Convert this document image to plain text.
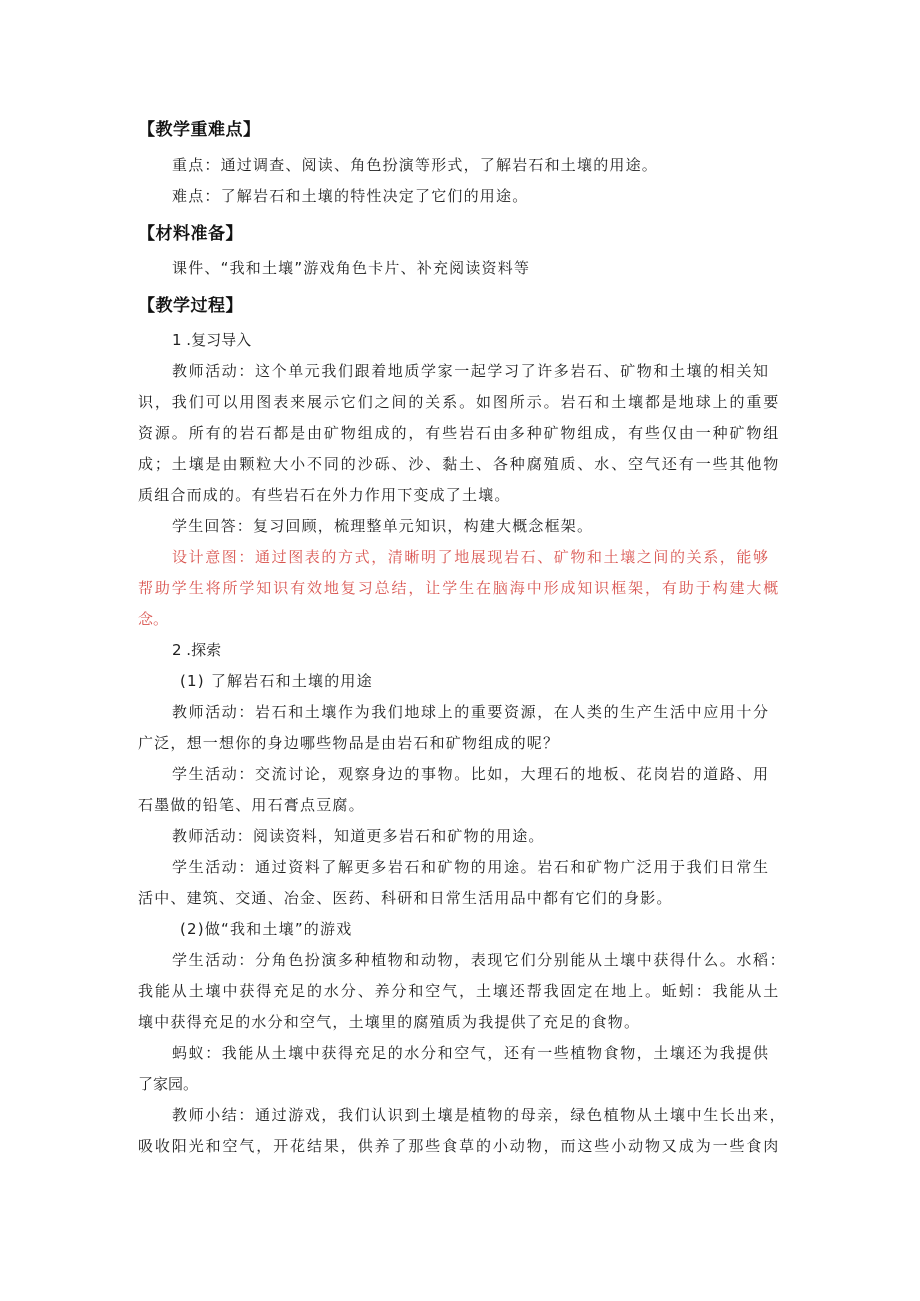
【教学重难点】
重点：通过调查、阅读、角色扮演等形式，了解岩石和土壤的用途。
难点：了解岩石和土壤的特性决定了它们的用途。
【材料准备】
课件、“我和土壤”游戏角色卡片、补充阅读资料等
【教学过程】
1 .复习导入
教师活动：这个单元我们跟着地质学家一起学习了许多岩石、矿物和土壤的相关知
识，我们可以用图表来展示它们之间的关系。如图所示。岩石和土壤都是地球上的重要
资源。所有的岩石都是由矿物组成的，有些岩石由多种矿物组成，有些仅由一种矿物组
成；土壤是由颗粒大小不同的沙砾、沙、黏土、各种腐殖质、水、空气还有一些其他物
质组合而成的。有些岩石在外力作用下变成了土壤。
学生回答：复习回顾，梳理整单元知识，构建大概念框架。
设计意图：通过图表的方式，清晰明了地展现岩石、矿物和土壤之间的关系，能够
帮助学生将所学知识有效地复习总结，让学生在脑海中形成知识框架，有助于构建大概
念。
2 .探索
(1) 了解岩石和土壤的用途
教师活动：岩石和土壤作为我们地球上的重要资源，在人类的生产生活中应用十分
广泛，想一想你的身边哪些物品是由岩石和矿物组成的呢？
学生活动：交流讨论，观察身边的事物。比如，大理石的地板、花岗岩的道路、用
石墨做的铅笔、用石膏点豆腐。
教师活动：阅读资料，知道更多岩石和矿物的用途。
学生活动：通过资料了解更多岩石和矿物的用途。岩石和矿物广泛用于我们日常生
活中、建筑、交通、冶金、医药、科研和日常生活用品中都有它们的身影。
(2)做“我和土壤”的游戏
学生活动：分角色扮演多种植物和动物，表现它们分别能从土壤中获得什么。水稻：
我能从土壤中获得充足的水分、养分和空气，土壤还帮我固定在地上。蚯蚓：我能从土
壤中获得充足的水分和空气，土壤里的腐殖质为我提供了充足的食物。
蚂蚁：我能从土壤中获得充足的水分和空气，还有一些植物食物，土壤还为我提供
了家园。
教师小结：通过游戏，我们认识到土壤是植物的母亲，绿色植物从土壤中生长出来，
吸收阳光和空气，开花结果，供养了那些食草的小动物，而这些小动物又成为一些食肉
